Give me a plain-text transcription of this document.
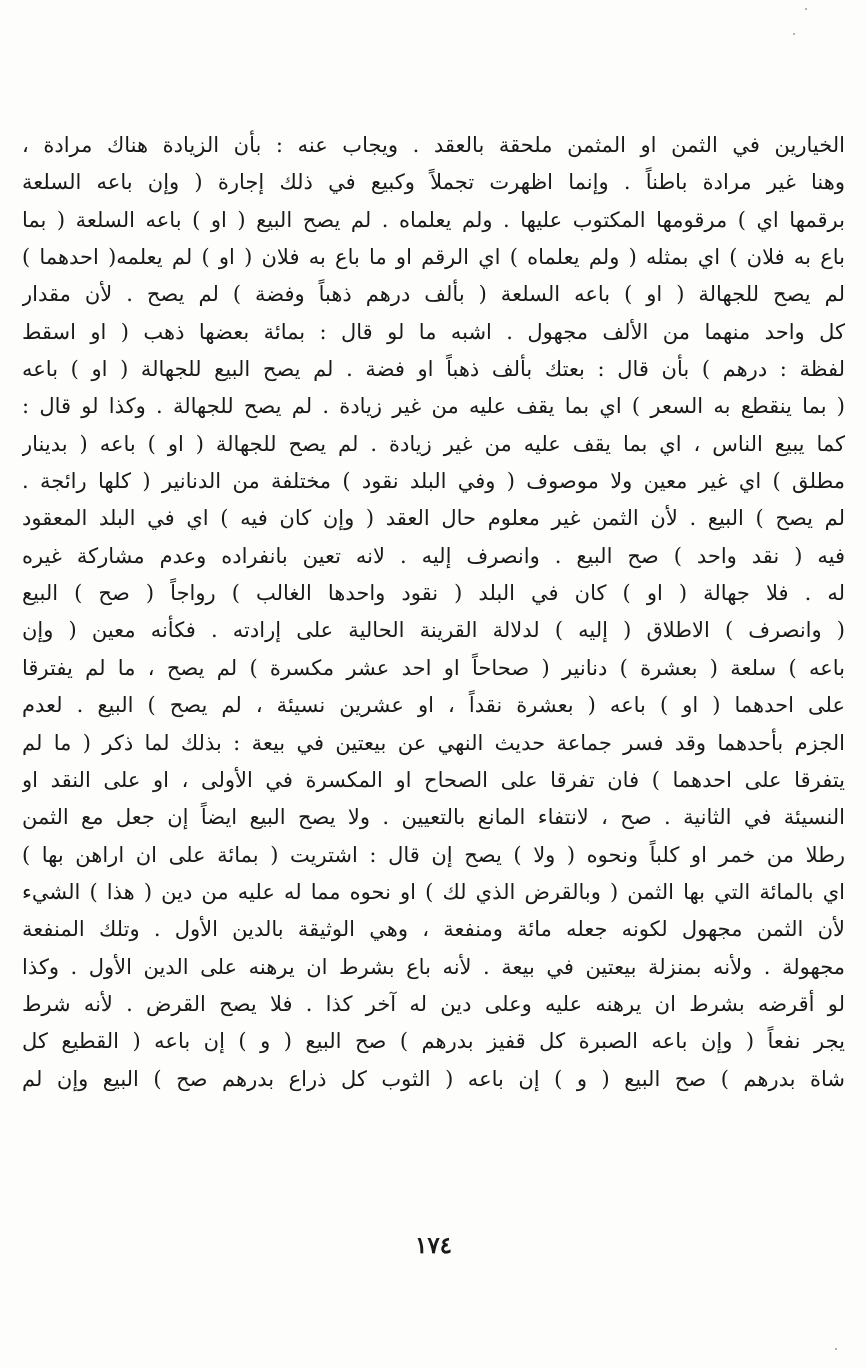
الخيارين في الثمن او المثمن ملحقة بالعقد . ويجاب عنه : بأن الزيادة هناك مرادة ،
وهنا غير مرادة باطناً . وإنما اظهرت تجملاً وكبيع في ذلك إجارة ( وإن باعه السلعة
برقمها اي ) مرقومها المكتوب عليها . ولم يعلماه . لم يصح البيع ( او ) باعه السلعة ( بما
باع به فلان ) اي بمثله ( ولم يعلماه ) اي الرقم او ما باع به فلان ( او ) لم يعلمه( احدهما )
لم يصح للجهالة ( او ) باعه السلعة ( بألف درهم ذهباً وفضة ) لم يصح . لأن مقدار
كل واحد منهما من الألف مجهول . اشبه ما لو قال : بمائة بعضها ذهب ( او اسقط
لفظة : درهم ) بأن قال : بعتك بألف ذهباً او فضة . لم يصح البيع للجهالة ( او ) باعه
( بما ينقطع به السعر ) اي بما يقف عليه من غير زيادة . لم يصح للجهالة . وكذا لو قال :
كما يبيع الناس ، اي بما يقف عليه من غير زيادة . لم يصح للجهالة ( او ) باعه ( بدينار
مطلق ) اي غير معين ولا موصوف ( وفي البلد نقود ) مختلفة من الدنانير ( كلها رائجة .
لم يصح ) البيع . لأن الثمن غير معلوم حال العقد ( وإن كان فيه ) اي في البلد المعقود
فيه ( نقد واحد ) صح البيع . وانصرف إليه . لانه تعين بانفراده وعدم مشاركة غيره
له . فلا جهالة ( او ) كان في البلد ( نقود واحدها الغالب ) رواجاً ( صح ) البيع
( وانصرف ) الاطلاق ( إليه ) لدلالة القرينة الحالية على إرادته . فكأنه معين ( وإن
باعه ) سلعة ( بعشرة ) دنانير ( صحاحاً او احد عشر مكسرة ) لم يصح ، ما لم يفترقا
على احدهما ( او ) باعه ( بعشرة نقداً ، او عشرين نسيئة ، لم يصح ) البيع . لعدم
الجزم بأحدهما وقد فسر جماعة حديث النهي عن بيعتين في بيعة : بذلك لما ذكر ( ما لم
يتفرقا على احدهما ) فان تفرقا على الصحاح او المكسرة في الأولى ، او على النقد او
النسيئة في الثانية . صح ، لانتفاء المانع بالتعيين . ولا يصح البيع ايضاً إن جعل مع الثمن
رطلا من خمر او كلباً ونحوه ( ولا ) يصح إن قال : اشتريت ( بمائة على ان اراهن بها )
اي بالمائة التي بها الثمن ( وبالقرض الذي لك ) او نحوه مما له عليه من دين ( هذا ) الشيء
لأن الثمن مجهول لكونه جعله مائة ومنفعة ، وهي الوثيقة بالدين الأول . وتلك المنفعة
مجهولة . ولأنه بمنزلة بيعتين في بيعة . لأنه باع بشرط ان يرهنه على الدين الأول . وكذا
لو أقرضه بشرط ان يرهنه عليه وعلى دين له آخر كذا . فلا يصح القرض . لأنه شرط
يجر نفعاً ( وإن باعه الصبرة كل قفيز بدرهم ) صح البيع ( و ) إن باعه ( القطيع كل
شاة بدرهم ) صح البيع ( و ) إن باعه ( الثوب كل ذراع بدرهم صح ) البيع وإن لم
١٧٤
